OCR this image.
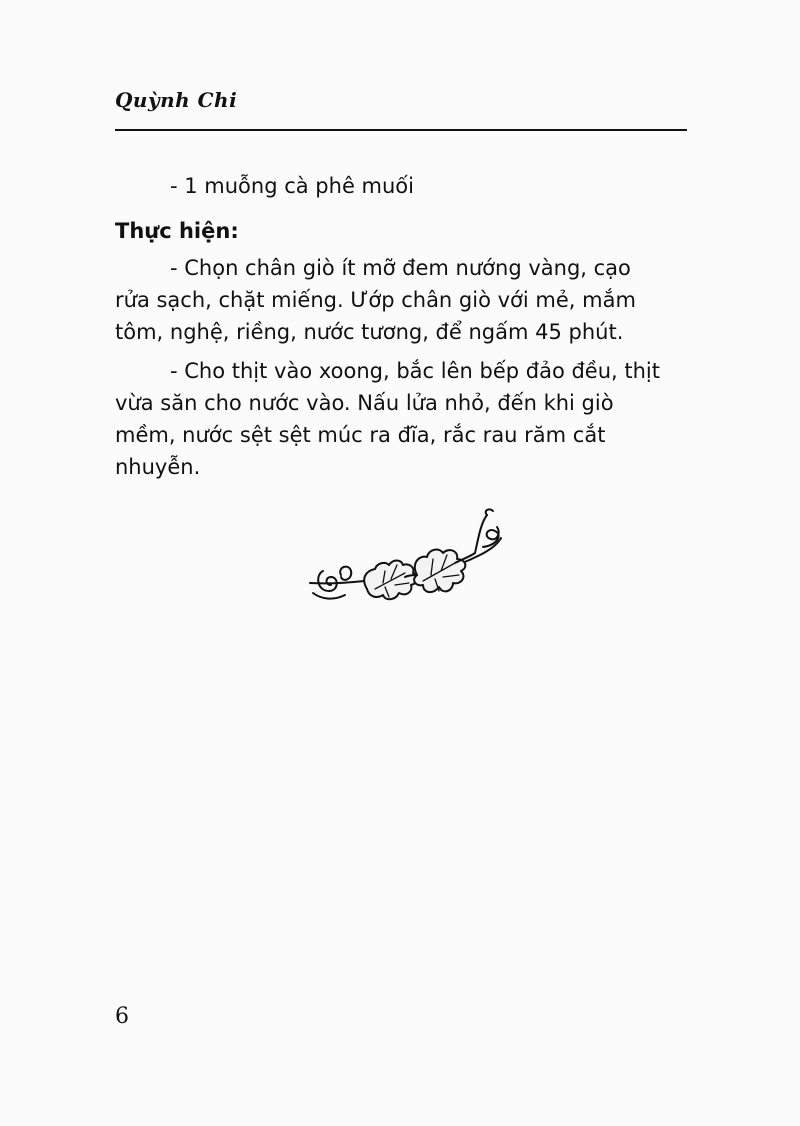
Quỳnh Chi

- 1 muỗng cà phê muối

Thực hiện:

- Chọn chân giò ít mỡ đem nướng vàng, cạo
rửa sạch, chặt miếng. Ướp chân giò với mẻ, mắm
tôm, nghệ, riềng, nước tương, để ngấm 45 phút.
- Cho thịt vào xoong, bắc lên bếp đảo đều, thịt
vừa săn cho nước vào. Nấu lửa nhỏ, đến khi giò
mềm, nước sệt sệt múc ra đĩa, rắc rau răm cắt
nhuyễn.
6
